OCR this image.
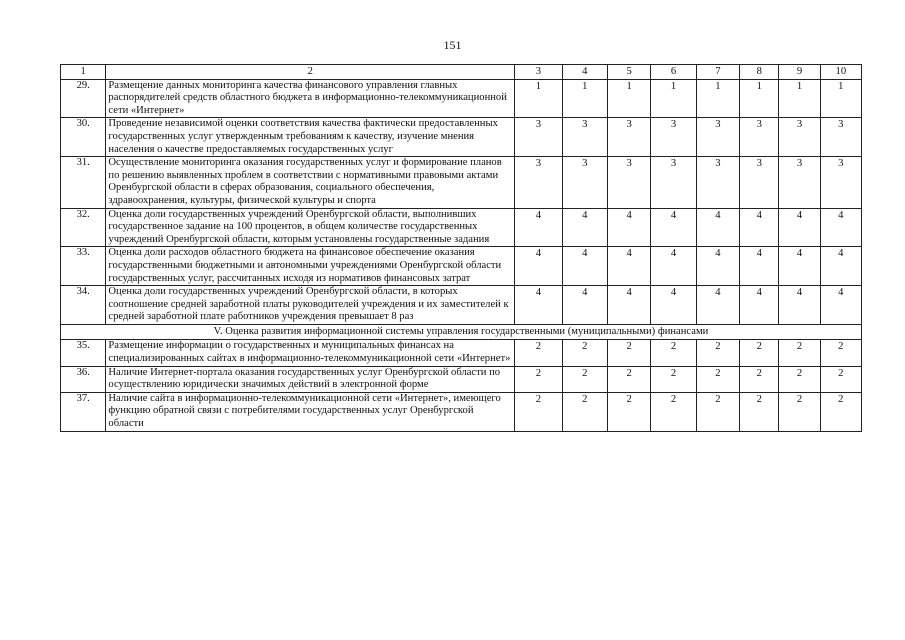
151
1	2	3	4	5	6	7	8	9	10
29.	Размещение данных мониторинга качества финансового управления главных распорядителей средств областного бюджета в информационно-телекоммуникационной сети «Интернет»	1	1	1	1	1	1	1	1
30.	Проведение независимой оценки соответствия качества фактически предоставленных государственных услуг утвержденным требованиям к качеству, изучение мнения населения о качестве предоставляемых государственных услуг	3	3	3	3	3	3	3	3
31.	Осуществление мониторинга оказания государственных услуг и формирование планов по решению выявленных проблем в соответствии с нормативными правовыми актами Оренбургской области в сферах образования, социального обеспечения, здравоохранения, культуры, физической культуры и спорта	3	3	3	3	3	3	3	3
32.	Оценка доли государственных учреждений Оренбургской области, выполнивших государственное задание на 100 процентов, в общем количестве государственных учреждений Оренбургской области, которым установлены государственные задания	4	4	4	4	4	4	4	4
33.	Оценка доли расходов областного бюджета на финансовое обеспечение оказания государственными бюджетными и автономными учреждениями Оренбургской области государственных услуг, рассчитанных исходя из нормативов финансовых затрат	4	4	4	4	4	4	4	4
34.	Оценка доли государственных учреждений Оренбургской области, в которых соотношение средней заработной платы руководителей учреждения и их заместителей к средней заработной плате работников учреждения превышает 8 раз	4	4	4	4	4	4	4	4
V. Оценка развития информационной системы управления государственными (муниципальными) финансами									
35.	Размещение информации о государственных и муниципальных финансах на специализированных сайтах в информационно-телекоммуникационной сети «Интернет»	2	2	2	2	2	2	2	2
36.	Наличие Интернет-портала оказания государственных услуг Оренбургской области по осуществлению юридически значимых действий в электронной форме	2	2	2	2	2	2	2	2
37.	Наличие сайта в информационно-телекоммуникационной сети «Интернет», имеющего функцию обратной связи с потребителями государственных услуг Оренбургской области	2	2	2	2	2	2	2	2
